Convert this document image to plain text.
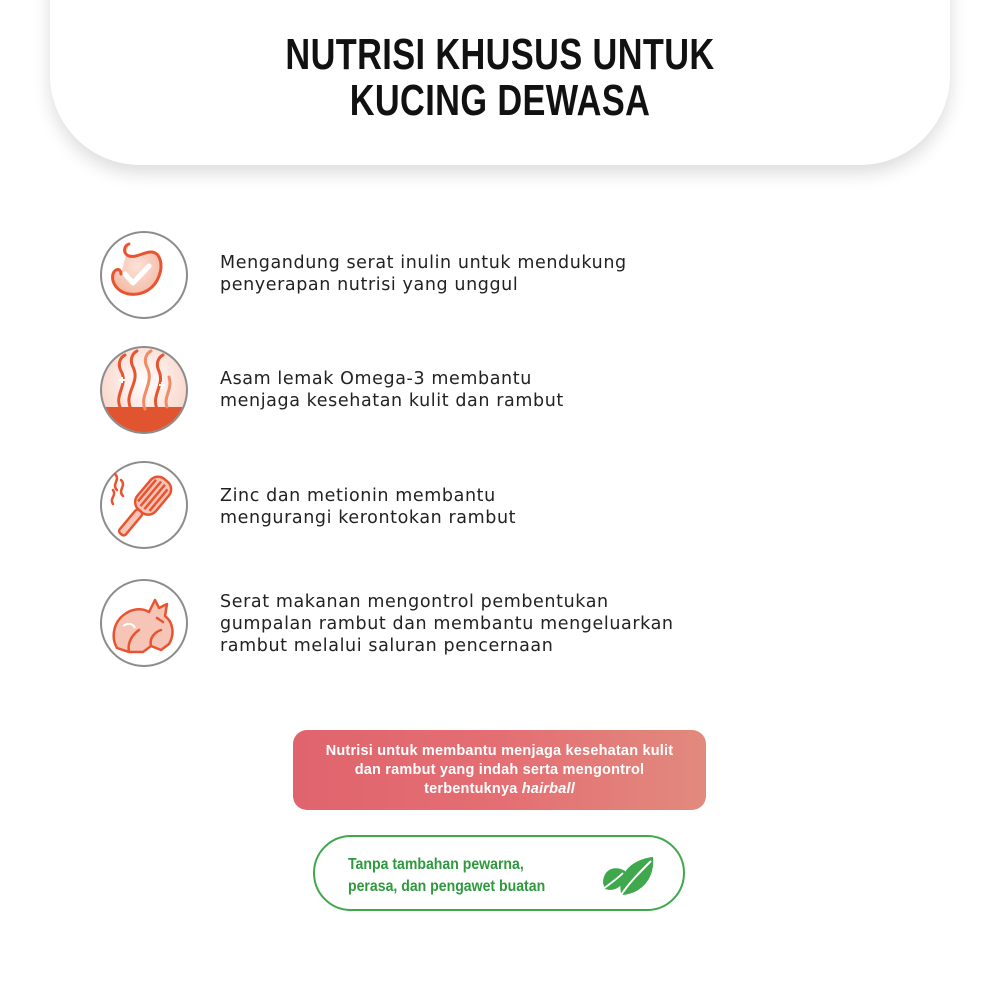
NUTRISI KHUSUS UNTUK
KUCING DEWASA
Mengandung serat inulin untuk mendukung
penyerapan nutrisi yang unggul
Asam lemak Omega-3 membantu
menjaga kesehatan kulit dan rambut
Zinc dan metionin membantu
mengurangi kerontokan rambut
Serat makanan mengontrol pembentukan
gumpalan rambut dan membantu mengeluarkan
rambut melalui saluran pencernaan
Nutrisi untuk membantu menjaga kesehatan kulit
dan rambut yang indah serta mengontrol
terbentuknya hairball
Tanpa tambahan pewarna,
perasa, dan pengawet buatan
